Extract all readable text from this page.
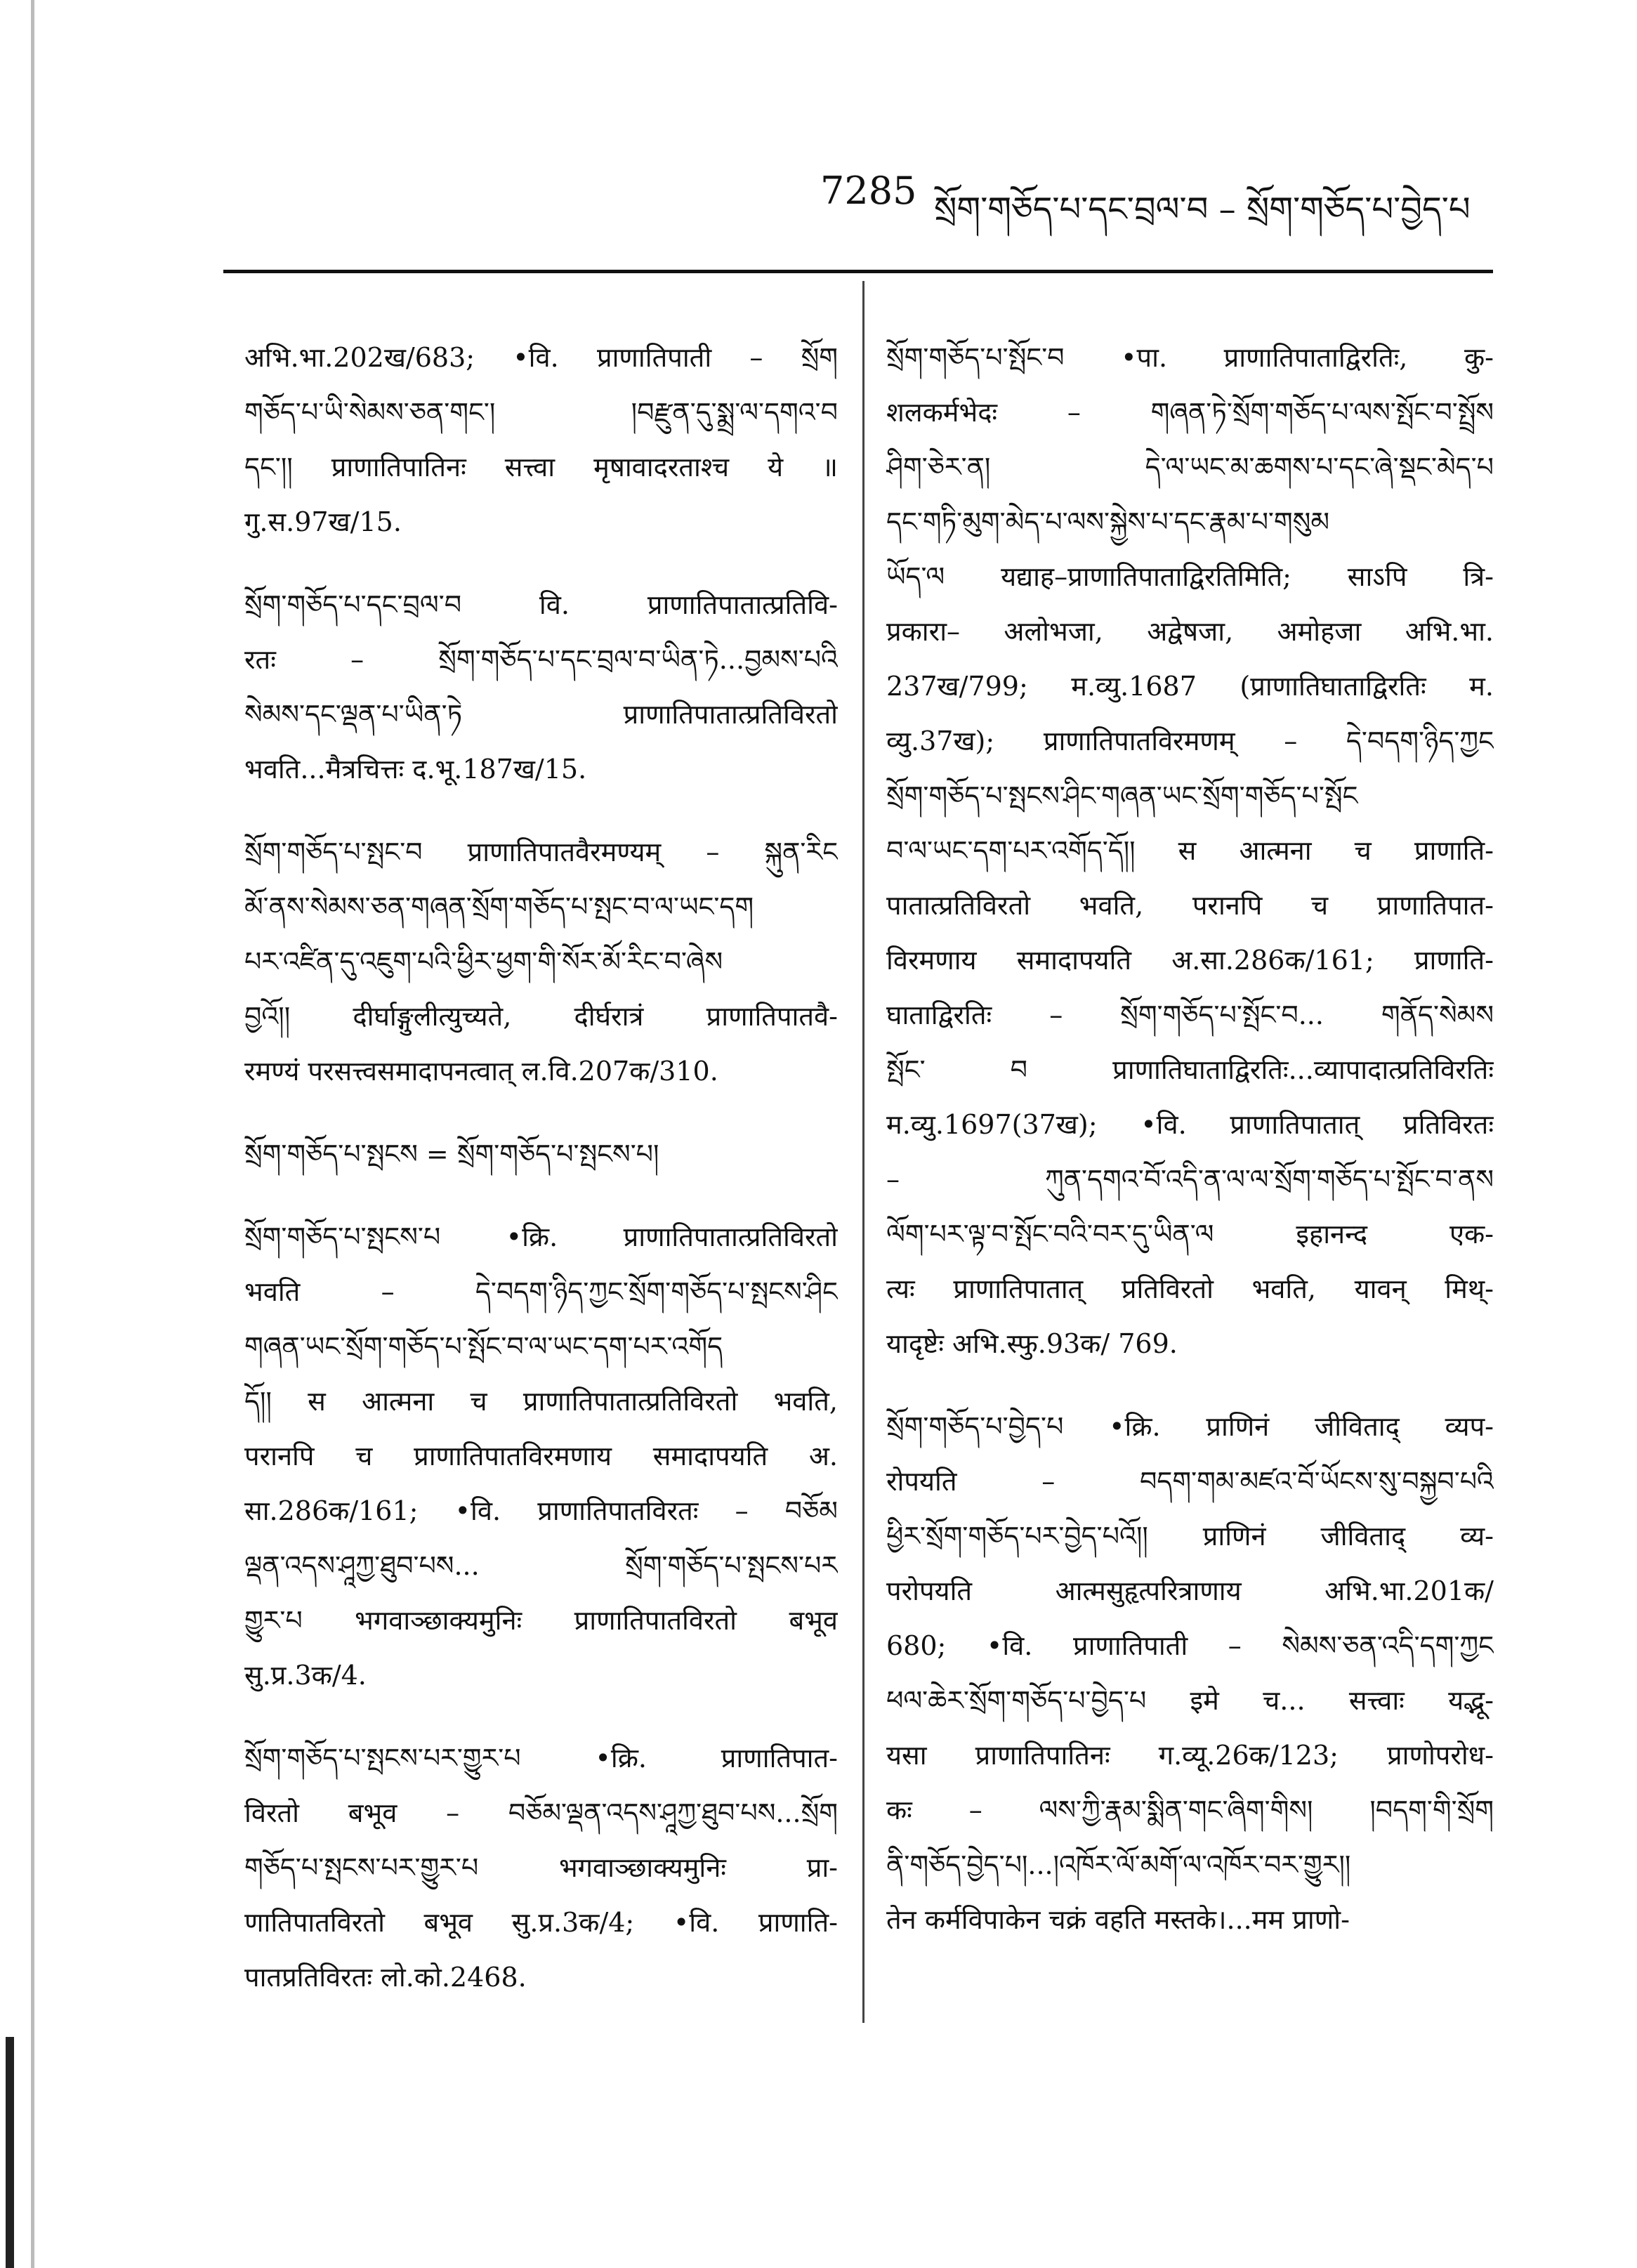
7285 སྲོག་གཅོད་པ་དང་བྲལ་བ – སྲོག་གཅོད་པ་བྱེད་པ
अभि.भा.202ख/683; •वि. प्राणातिपाती – སྲོག
གཅོད་པ་ཡི་སེམས་ཅན་གང་། །བརྫུན་དུ་སྨྲ་ལ་དགའ་བ
དང་།། प्राणातिपातिनः सत्त्वा मृषावादरताश्च ये ॥
गु.स.97ख/15.
སྲོག་གཅོད་པ་དང་བྲལ་བ वि. प्राणातिपातात्प्रतिवि-
रतः – སྲོག་གཅོད་པ་དང་བྲལ་བ་ཡིན་ཏེ...བྱམས་པའི
སེམས་དང་ལྡན་པ་ཡིན་ཏེ प्राणातिपातात्प्रतिविरतो
भवति...मैत्रचित्तः द.भू.187ख/15.
སྲོག་གཅོད་པ་སྤང་བ प्राणातिपातवैरमण्यम् – སྐུན་རིང
མོ་ནས་སེམས་ཅན་གཞན་སྲོག་གཅོད་པ་སྤང་བ་ལ་ཡང་དག
པར་འཛིན་དུ་འཇུག་པའི་ཕྱིར་ཕྱག་གི་སོར་མོ་རིང་བ་ཞེས
བྱའོ།། दीर्घाङ्गुलीत्युच्यते, दीर्घरात्रं प्राणातिपातवै-
रमण्यं परसत्त्वसमादापनत्वात् ल.वि.207क/310.
སྲོག་གཅོད་པ་སྤངས = སྲོག་གཅོད་པ་སྤངས་པ།
སྲོག་གཅོད་པ་སྤངས་པ •क्रि. प्राणातिपातात्प्रतिविरतो
भवति – དེ་བདག་ཉིད་ཀྱང་སྲོག་གཅོད་པ་སྤངས་ཤིང
གཞན་ཡང་སྲོག་གཅོད་པ་སྤོང་བ་ལ་ཡང་དག་པར་འགོད
དོ།། स आत्मना च प्राणातिपातात्प्रतिविरतो भवति,
परानपि च प्राणातिपातविरमणाय समादापयति अ.
सा.286क/161; •वि. प्राणातिपातविरतः – བཅོམ
ལྡན་འདས་ཤཱཀྱ་ཐུབ་པས... སྲོག་གཅོད་པ་སྤངས་པར
གྱུར་པ भगवाञ्छाक्यमुनिः प्राणातिपातविरतो बभूव
सु.प्र.3क/4.
སྲོག་གཅོད་པ་སྤངས་པར་གྱུར་པ •क्रि. प्राणातिपात-
विरतो बभूव – བཅོམ་ལྡན་འདས་ཤཱཀྱ་ཐུབ་པས...སྲོག
གཅོད་པ་སྤངས་པར་གྱུར་པ भगवाञ्छाक्यमुनिः प्रा-
णातिपातविरतो बभूव सु.प्र.3क/4; •वि. प्राणाति-
पातप्रतिविरतः लो.को.2468.
སྲོག་གཅོད་པ་སྤོང་བ •पा. प्राणातिपाताद्विरतिः, कु-
शलकर्मभेदः – གཞན་ཏེ་སྲོག་གཅོད་པ་ལས་སྤོང་བ་སྤྲོས
ཤིག་ཅེར་ན། དེ་ལ་ཡང་མ་ཆགས་པ་དང་ཞེ་སྡང་མེད་པ
དང་གཏི་མུག་མེད་པ་ལས་སྐྱེས་པ་དང་རྣམ་པ་གསུམ
ཡོད་ལ यद्याह–प्राणातिपाताद्विरतिमिति; साऽपि त्रि-
प्रकारा– अलोभजा, अद्वेषजा, अमोहजा अभि.भा.
237ख/799; म.व्यु.1687 (प्राणातिघाताद्विरतिः म.
व्यु.37ख); प्राणातिपातविरमणम् – དེ་བདག་ཉིད་ཀྱང
སྲོག་གཅོད་པ་སྤངས་ཤིང་གཞན་ཡང་སྲོག་གཅོད་པ་སྤོང
བ་ལ་ཡང་དག་པར་འགོད་དོ།། स आत्मना च प्राणाति-
पातात्प्रतिविरतो भवति, परानपि च प्राणातिपात-
विरमणाय समादापयति अ.सा.286क/161; प्राणाति-
घाताद्विरतिः – སྲོག་གཅོད་པ་སྤོང་བ... གནོད་སེམས
སྤོང་ བ प्राणातिघाताद्विरतिः...व्यापादात्प्रतिविरतिः
म.व्यु.1697(37ख); •वि. प्राणातिपातात् प्रतिविरतः
– ཀུན་དགའ་བོ་འདི་ན་ལ་ལ་སྲོག་གཅོད་པ་སྤོང་བ་ནས
ལོག་པར་ལྟ་བ་སྤོང་བའི་བར་དུ་ཡིན་ལ इहानन्द एक-
त्यः प्राणातिपातात् प्रतिविरतो भवति, यावन् मिथ्-
यादृष्टेः अभि.स्फु.93क/ 769.
སྲོག་གཅོད་པ་བྱེད་པ •क्रि. प्राणिनं जीविताद् व्यप-
रोपयति – བདག་གམ་མཛའ་བོ་ཡོངས་སུ་བསྐྱབ་པའི
ཕྱིར་སྲོག་གཅོད་པར་བྱེད་པའོ།། प्राणिनं जीविताद् व्य-
परोपयति आत्मसुहृत्परित्राणाय अभि.भा.201क/
680; •वि. प्राणातिपाती – སེམས་ཅན་འདི་དག་ཀྱང
ཕལ་ཆེར་སྲོག་གཅོད་པ་བྱེད་པ इमे च... सत्त्वाः यद्भू-
यसा प्राणातिपातिनः ग.व्यू.26क/123; प्राणोपरोध-
कः – ལས་ཀྱི་རྣམ་སྨིན་གང་ཞིག་གིས། །བདག་གི་སྲོག
ནི་གཅོད་བྱེད་པ།...།འཁོར་ལོ་མགོ་ལ་འཁོར་བར་གྱུར།།
तेन कर्मविपाकेन चक्रं वहति मस्तके।...मम प्राणो-
